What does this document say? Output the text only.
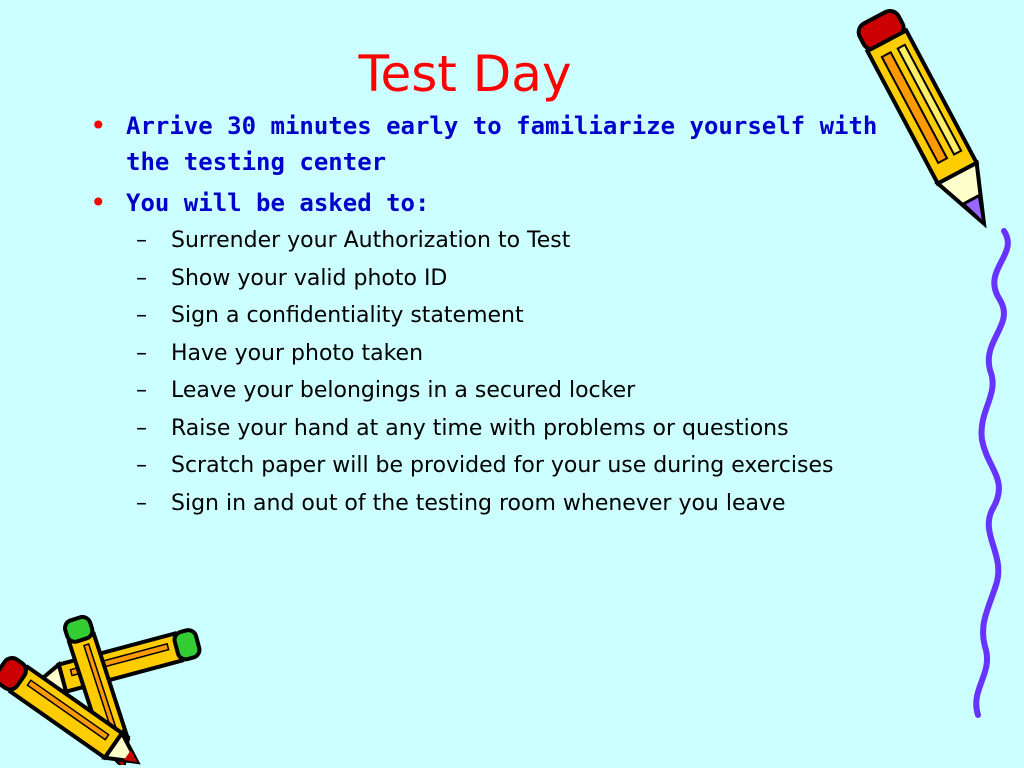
Test Day
• Arrive 30 minutes early to familiarize yourself with the testing center
• You will be asked to:
– Surrender your Authorization to Test
– Show your valid photo ID
– Sign a confidentiality statement
– Have your photo taken
– Leave your belongings in a secured locker
– Raise your hand at any time with problems or questions
– Scratch paper will be provided for your use during exercises
– Sign in and out of the testing room whenever you leave
